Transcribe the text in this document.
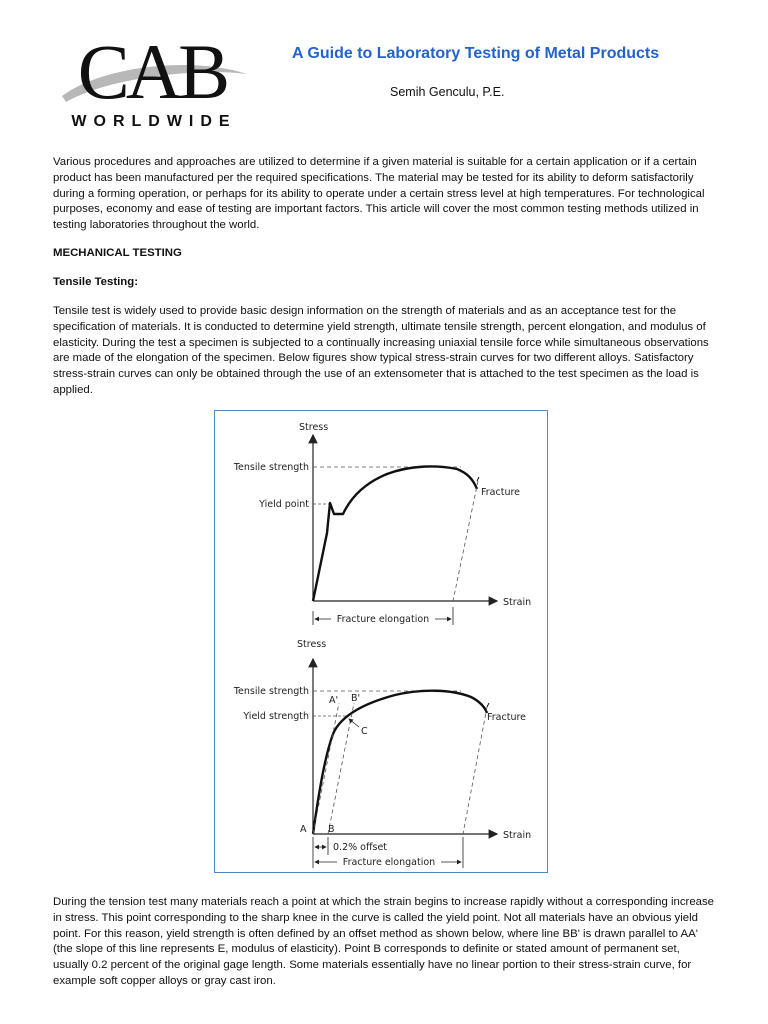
CAB
WORLDWIDE
A Guide to Laboratory Testing of Metal Products
Semih Genculu, P.E.

Various procedures and approaches are utilized to determine if a given material is suitable for a certain application or if a certain product has been manufactured per the required specifications. The material may be tested for its ability to deform satisfactorily during a forming operation, or perhaps for its ability to operate under a certain stress level at high temperatures. For technological purposes, economy and ease of testing are important factors. This article will cover the most common testing methods utilized in testing laboratories throughout the world.

MECHANICAL TESTING
Tensile Testing:

Tensile test is widely used to provide basic design information on the strength of materials and as an acceptance test for the specification of materials. It is conducted to determine yield strength, ultimate tensile strength, percent elongation, and modulus of elasticity. During the test a specimen is subjected to a continually increasing uniaxial tensile force while simultaneous observations are made of the elongation of the specimen. Below figures show typical stress-strain curves for two different alloys. Satisfactory stress-strain curves can only be obtained through the use of an extensometer that is attached to the test specimen as the load is applied.

Stress
Strain
Tensile strength
Yield point
Fracture
Fracture elongation
Stress
Strain
Tensile strength
Yield strength
A' B'
C
Fracture
A B
0.2% offset
Fracture elongation

During the tension test many materials reach a point at which the strain begins to increase rapidly without a corresponding increase in stress. This point corresponding to the sharp knee in the curve is called the yield point. Not all materials have an obvious yield point. For this reason, yield strength is often defined by an offset method as shown below, where line BB' is drawn parallel to AA' (the slope of this line represents E, modulus of elasticity). Point B corresponds to definite or stated amount of permanent set, usually 0.2 percent of the original gage length. Some materials essentially have no linear portion to their stress-strain curve, for example soft copper alloys or gray cast iron.
